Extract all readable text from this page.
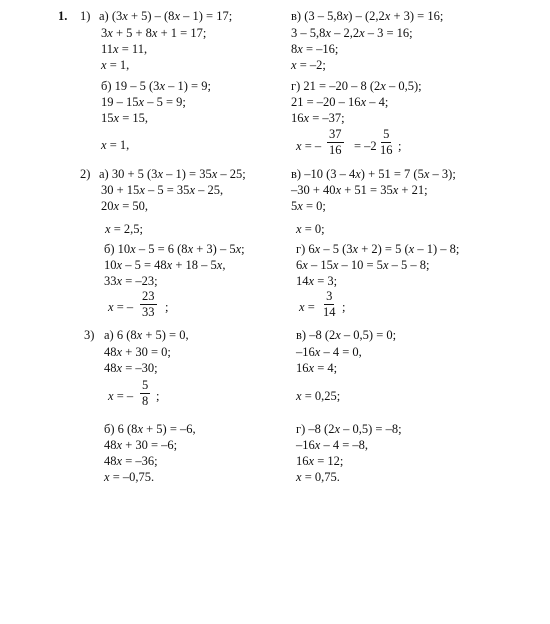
1. 1) а) (3x + 5) – (8x – 1) = 17;
3x + 5 + 8x + 1 = 17;
11x = 11,
x = 1,
в) (3 – 5,8x) – (2,2x + 3) = 16;
3 – 5,8x – 2,2x – 3 = 16;
8x = –16;
x = –2;
б) 19 – 5 (3x – 1) = 9;
19 – 15x – 5 = 9;
15x = 15,
x = 1,
г) 21 = –20 – 8 (2x – 0,5);
21 = –20 – 16x – 4;
16x = –37;
x = – $\frac{37}{16} = -2 \frac{5}{16}$ ;
2) а) 30 + 5 (3x – 1) = 35x – 25;
30 + 15x – 5 = 35x – 25,
20x = 50,
x = 2,5;
в) –10 (3 – 4x) + 51 = 7 (5x – 3);
–30 + 40x + 51 = 35x + 21;
5x = 0;
x = 0;
б) 10x – 5 = 6 (8x + 3) – 5x;
10x – 5 = 48x + 18 – 5x,
33x = –23;
x = – $\frac{23}{33}$ ;
г) 6x – 5 (3x + 2) = 5 (x – 1) – 8;
6x – 15x – 10 = 5x – 5 – 8;
14x = 3;
$x = \frac{3}{14}$ ;
3) а) 6 (8x + 5) = 0,
48x + 30 = 0;
48x = –30;
x = – $\frac{5}{8}$ ;
в) –8 (2x – 0,5) = 0;
–16x – 4 = 0,
16x = 4;
x = 0,25;
б) 6 (8x + 5) = –6,
48x + 30 = –6;
48x = –36;
x = –0,75.
г) –8 (2x – 0,5) = –8;
–16x – 4 = –8,
16x = 12;
x = 0,75.
